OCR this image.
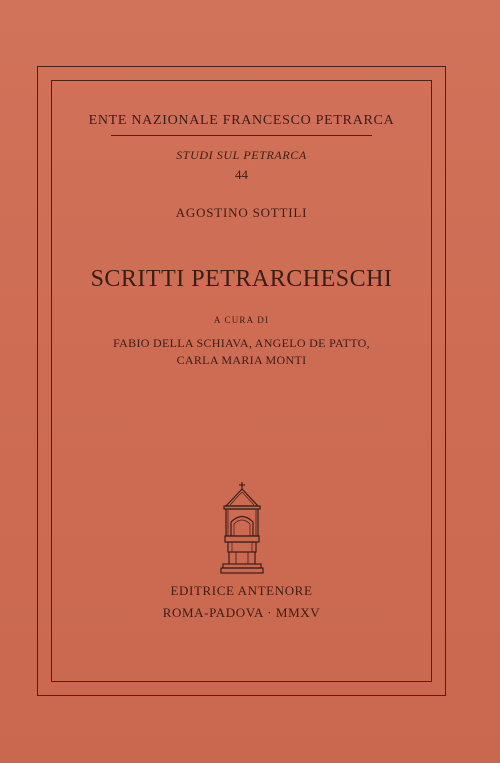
ENTE NAZIONALE FRANCESCO PETRARCA
STUDI SUL PETRARCA
44
AGOSTINO SOTTILI
SCRITTI PETRARCHESCHI
A CURA DI
FABIO DELLA SCHIAVA, ANGELO DE PATTO,
CARLA MARIA MONTI
EDITRICE ANTENORE
ROMA-PADOVA · MMXV
